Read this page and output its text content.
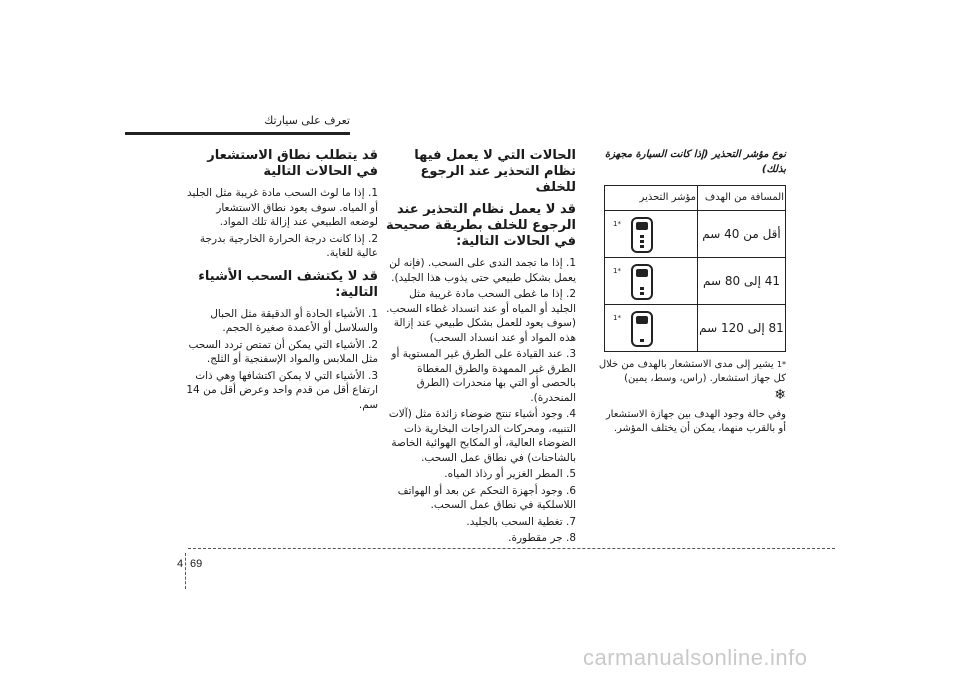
تعرف على سيارتك
قد يتطلب نطاق الاستشعار في الحالات التالية
1. إذا ما لوث السحب مادة غريبة مثل الجليد أو المياه. سوف يعود نطاق الاستشعار لوضعه الطبيعي عند إزالة تلك المواد.
2. إذا كانت درجة الحرارة الخارجية بدرجة عالية للغاية.
قد لا يكتشف السحب الأشياء التالية:
1. الأشياء الحادة أو الدقيقة مثل الحبال والسلاسل أو الأعمدة صغيرة الحجم.
2. الأشياء التي يمكن أن تمتص تردد السحب مثل الملابس والمواد الإسفنجية أو الثلج.
3. الأشياء التي لا يمكن اكتشافها وهي ذات ارتفاع أقل من قدم واحد وعرض أقل من 14 سم.
الحالات التي لا يعمل فيها نظام التحذير عند الرجوع للخلف
قد لا يعمل نظام التحذير عند الرجوع للخلف بطريقة صحيحة في الحالات التالية:
1. إذا ما تجمد الندى على السحب. (فإنه لن يعمل بشكل طبيعي حتى يذوب هذا الجليد).
2. إذا ما غطى السحب مادة غريبة مثل الجليد أو المياه أو عند انسداد غطاء السحب. (سوف يعود للعمل بشكل طبيعي عند إزالة هذه المواد أو عند انسداد السحب)
3. عند القيادة على الطرق غير المستوية أو الطرق غير الممهدة والطرق المغطاة بالحصى أو التي بها منحدرات (الطرق المنحدرة).
4. وجود أشياء تنتج ضوضاء زائدة مثل (آلات التنبيه، ومحركات الدراجات البخارية ذات الضوضاء العالية، أو المكابح الهوائية الخاصة بالشاحنات) في نطاق عمل السحب.
5. المطر الغزير أو رذاذ المياه.
6. وجود أجهزة التحكم عن بعد أو الهواتف اللاسلكية في نطاق عمل السحب.
7. تغطية السحب بالجليد.
8. جر مقطورة.
نوع مؤشر التحذير (إذا كانت السيارة مجهزة بذلك)
المسافة من الهدف	مؤشر التحذير
أقل من 40 سم	*1

41 إلى 80 سم	*1

81 إلى 120 سم	*1
$^{*1}$ يشير إلى مدى الاستشعار بالهدف من خلال كل جهاز استشعار. (راس، وسط، يمين)
❄
وفي حالة وجود الهدف بين جهازة الاستشعار أو بالقرب منهما، يمكن أن يختلف المؤشر.
4 69
carmanualsonline.info
